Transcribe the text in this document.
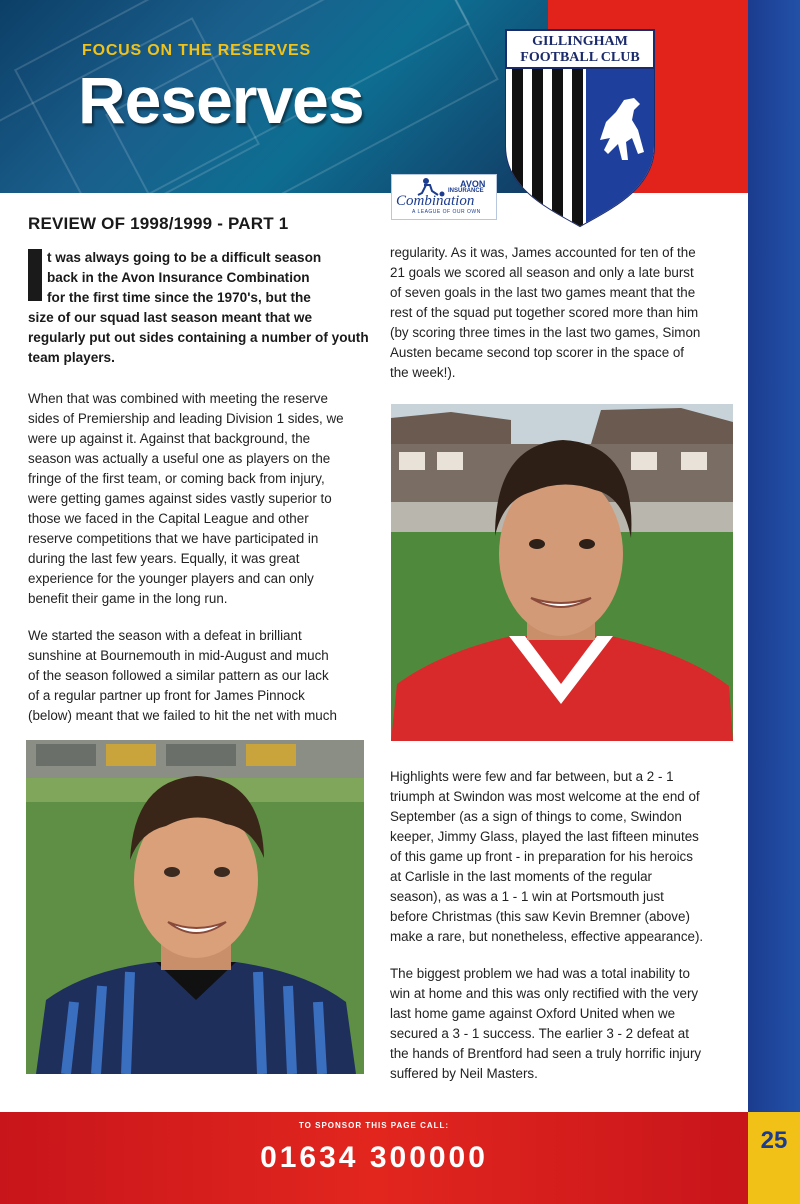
FOCUS ON THE RESERVES
Reserves
GILLINGHAM
FOOTBALL CLUB
AVON
INSURANCE
Combination
A LEAGUE OF OUR OWN
REVIEW OF 1998/1999 - PART 1
t was always going to be a difficult season
back in the Avon Insurance Combination
for the first time since the 1970's, but the
size of our squad last season meant that we regularly put out sides containing a number of youth team players.
When that was combined with meeting the reserve
sides of Premiership and leading Division 1 sides, we
were up against it. Against that background, the
season was actually a useful one as players on the
fringe of the first team, or coming back from injury,
were getting games against sides vastly superior to
those we faced in the Capital League and other
reserve competitions that we have participated in
during the last few years. Equally, it was great
experience for the younger players and can only
benefit their game in the long run.
We started the season with a defeat in brilliant
sunshine at Bournemouth in mid-August and much
of the season followed a similar pattern as our lack
of a regular partner up front for James Pinnock
(below) meant that we failed to hit the net with much
regularity. As it was, James accounted for ten of the
21 goals we scored all season and only a late burst
of seven goals in the last two games meant that the
rest of the squad put together scored more than him
(by scoring three times in the last two games, Simon
Austen became second top scorer in the space of
the week!).
Highlights were few and far between, but a 2 - 1
triumph at Swindon was most welcome at the end of
September (as a sign of things to come, Swindon
keeper, Jimmy Glass, played the last fifteen minutes
of this game up front - in preparation for his heroics
at Carlisle in the last moments of the regular
season), as was a 1 - 1 win at Portsmouth just
before Christmas (this saw Kevin Bremner (above)
make a rare, but nonetheless, effective appearance).
The biggest problem we had was a total inability to
win at home and this was only rectified with the very
last home game against Oxford United when we
secured a 3 - 1 success. The earlier 3 - 2 defeat at
the hands of Brentford had seen a truly horrific injury
suffered by Neil Masters.
TO SPONSOR THIS PAGE CALL:
01634 300000
25
